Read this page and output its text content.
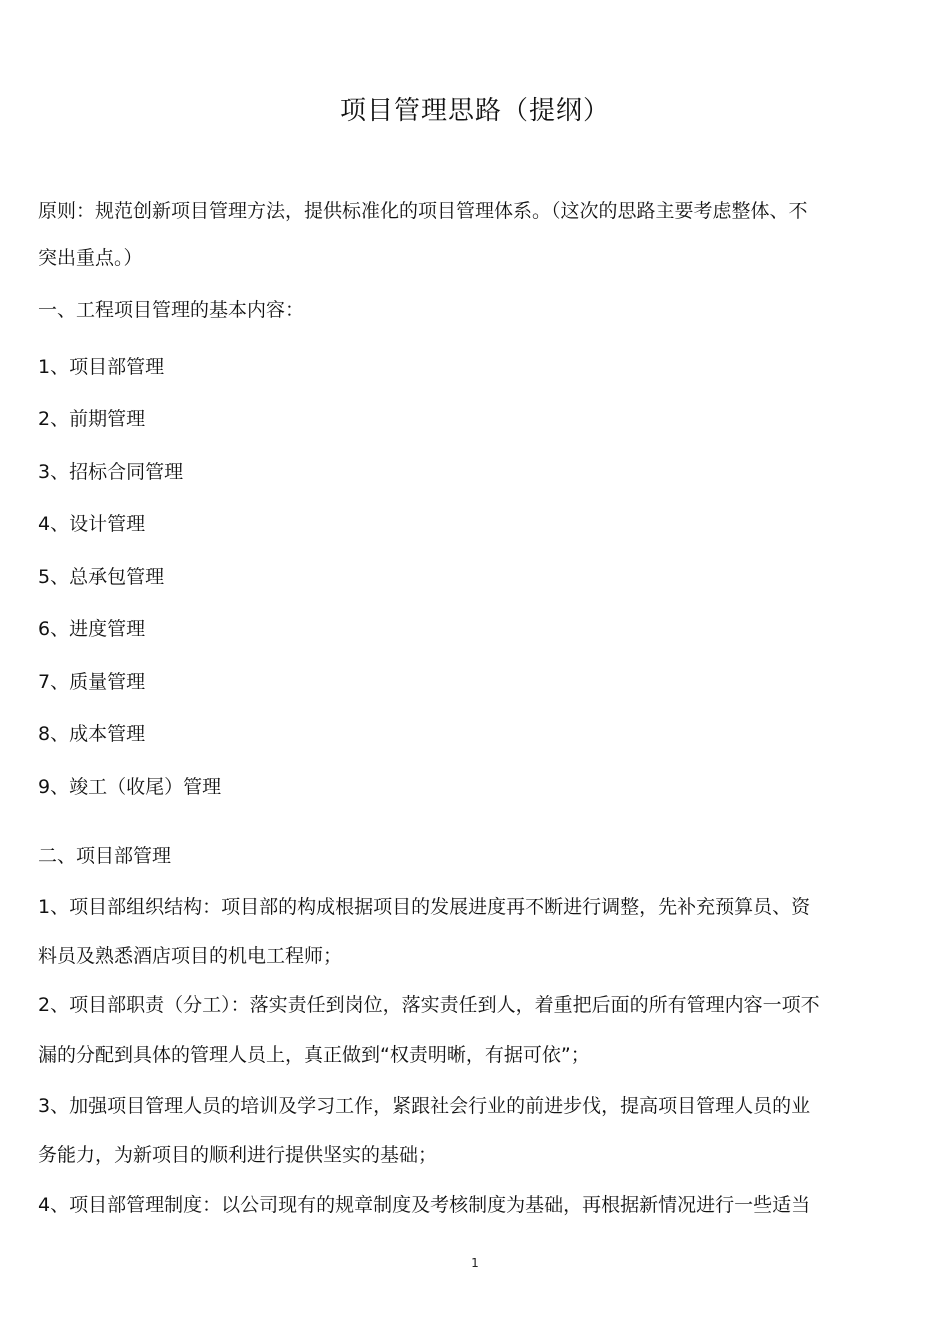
项目管理思路（提纲）
原则：规范创新项目管理方法，提供标准化的项目管理体系。（这次的思路主要考虑整体、不
突出重点。）
一、工程项目管理的基本内容：
1、项目部管理
2、前期管理
3、招标合同管理
4、设计管理
5、总承包管理
6、进度管理
7、质量管理
8、成本管理
9、竣工（收尾）管理
二、项目部管理
1、项目部组织结构：项目部的构成根据项目的发展进度再不断进行调整，先补充预算员、资
料员及熟悉酒店项目的机电工程师；
2、项目部职责（分工）：落实责任到岗位，落实责任到人，着重把后面的所有管理内容一项不
漏的分配到具体的管理人员上，真正做到“权责明晰，有据可依”；
3、加强项目管理人员的培训及学习工作，紧跟社会行业的前进步伐，提高项目管理人员的业
务能力，为新项目的顺利进行提供坚实的基础；
4、项目部管理制度：以公司现有的规章制度及考核制度为基础，再根据新情况进行一些适当
1
